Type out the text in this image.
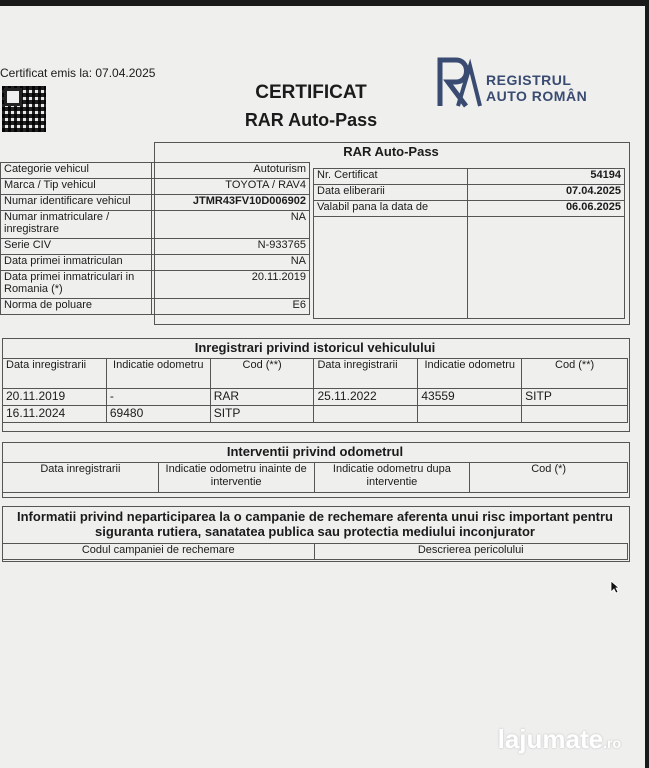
Certificat emis la: 07.04.2025
CERTIFICAT
RAR Auto-Pass
REGISTRUL
AUTO ROMÂN
RAR Auto-Pass
Categorie vehicul	Autoturism
Marca / Tip vehicul	TOYOTA / RAV4
Numar identificare vehicul	JTMR43FV10D006902
Numar inmatriculare / inregistrare	NA
Serie CIV	N-933765
Data primei inmatriculan	NA
Data primei inmatriculari in Romania (*)	20.11.2019
Norma de poluare	E6
Nr. Certificat	54194
Data eliberarii	07.04.2025
Valabil pana la data de	06.06.2025

Inregistrari privind istoricul vehiculului
Data inregistrarii	Indicatie odometru	Cod (**)	Data inregistrarii	Indicatie odometru	Cod (**)
20.11.2019	-	RAR	25.11.2022	43559	SITP
16.11.2024	69480	SITP			
Interventii privind odometrul
Data inregistrarii	Indicatie odometru inainte de interventie	Indicatie odometru dupa interventie	Cod (*)
Informatii privind neparticiparea la o campanie de rechemare aferenta unui risc important pentru siguranta rutiera, sanatatea publica sau protectia mediului inconjurator
Codul campaniei de rechemare	Descrierea pericolului
lajumate.ro
